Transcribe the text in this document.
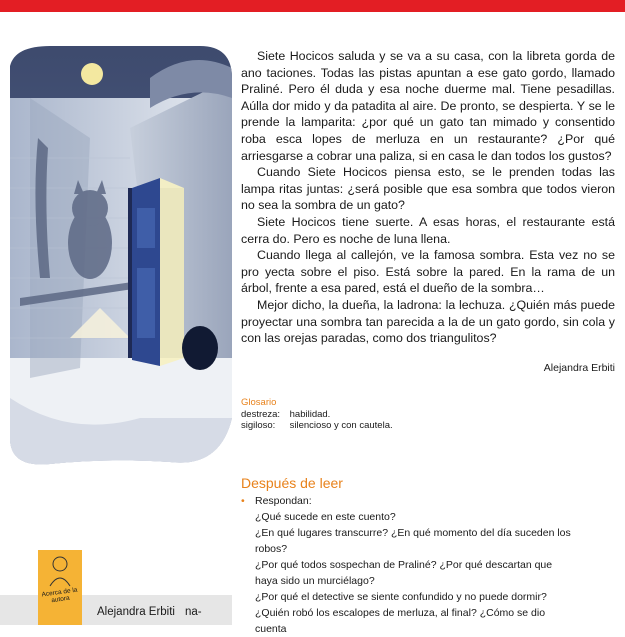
Siete Hocicos saluda y se va a su casa, con la libreta gorda de ano taciones. Todas las pistas apuntan a ese gato gordo, llamado Praliné. Pero él duda y esa noche duerme mal. Tiene pesadillas. Aúlla dor mido y da patadita al aire. De pronto, se despierta. Y se le prende la lamparita: ¿por qué un gato tan mimado y consentido roba esca lopes de merluza en un restaurante? ¿Por qué arriesgarse a cobrar una paliza, si en casa le dan todos los gustos?

Cuando Siete Hocicos piensa esto, se le prenden todas las lampa ritas juntas: ¿será posible que esa sombra que todos vieron no sea la sombra de un gato?

Siete Hocicos tiene suerte. A esas horas, el restaurante está cerra do. Pero es noche de luna llena.

Cuando llega al callejón, ve la famosa sombra. Esta vez no se pro yecta sobre el piso. Está sobre la pared. En la rama de un árbol, frente a esa pared, está el dueño de la sombra…

Mejor dicho, la dueña, la ladrona: la lechuza. ¿Quién más puede proyectar una sombra tan parecida a la de un gato gordo, sin cola y con las orejas paradas, como dos triangulitos?

Alejandra Erbiti
Glosario
destreza: habilidad.
sigiloso: silencioso y con cautela.
Después de leer
• Respondan:
¿Qué sucede en este cuento?
¿En qué lugares transcurre? ¿En qué momento del día suceden los robos?
¿Por qué todos sospechan de Praliné? ¿Por qué descartan que haya sido un murciélago?
¿Por qué el detective se siente confundido y no puede dormir?
¿Quién robó los escalopes de merluza, al final? ¿Cómo se dio cuenta
Acerca de la autora
Alejandra Erbiti na-
